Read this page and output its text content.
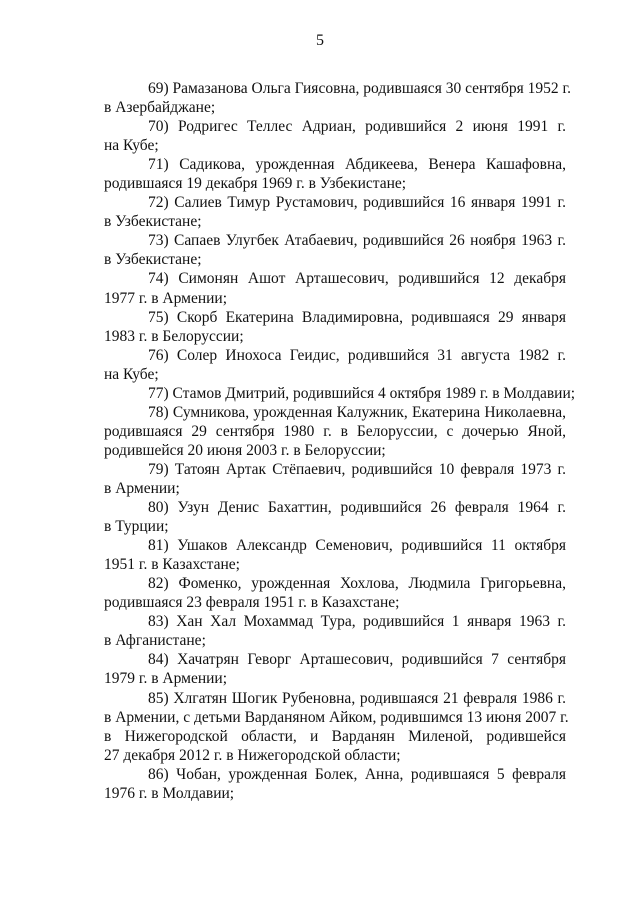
5
69) Рамазанова Ольга Гиясовна, родившаяся 30 сентября 1952 г.
в Азербайджане;
70) Родригес Теллес Адриан, родившийся 2 июня 1991 г.
на Кубе;
71) Садикова, урожденная Абдикеева, Венера Кашафовна,
родившаяся 19 декабря 1969 г. в Узбекистане;
72) Салиев Тимур Рустамович, родившийся 16 января 1991 г.
в Узбекистане;
73) Сапаев Улугбек Атабаевич, родившийся 26 ноября 1963 г.
в Узбекистане;
74) Симонян Ашот Арташесович, родившийся 12 декабря
1977 г. в Армении;
75) Скорб Екатерина Владимировна, родившаяся 29 января
1983 г. в Белоруссии;
76) Солер Инохоса Геидис, родившийся 31 августа 1982 г.
на Кубе;
77) Стамов Дмитрий, родившийся 4 октября 1989 г. в Молдавии;
78) Сумникова, урожденная Калужник, Екатерина Николаевна,
родившаяся 29 сентября 1980 г. в Белоруссии, с дочерью Яной,
родившейся 20 июня 2003 г. в Белоруссии;
79) Татоян Артак Стёпаевич, родившийся 10 февраля 1973 г.
в Армении;
80) Узун Денис Бахаттин, родившийся 26 февраля 1964 г.
в Турции;
81) Ушаков Александр Семенович, родившийся 11 октября
1951 г. в Казахстане;
82) Фоменко, урожденная Хохлова, Людмила Григорьевна,
родившаяся 23 февраля 1951 г. в Казахстане;
83) Хан Хал Мохаммад Тура, родившийся 1 января 1963 г.
в Афганистане;
84) Хачатрян Геворг Арташесович, родившийся 7 сентября
1979 г. в Армении;
85) Хлгатян Шогик Рубеновна, родившаяся 21 февраля 1986 г.
в Армении, с детьми Варданяном Айком, родившимся 13 июня 2007 г.
в Нижегородской области, и Варданян Миленой, родившейся
27 декабря 2012 г. в Нижегородской области;
86) Чобан, урожденная Болек, Анна, родившаяся 5 февраля
1976 г. в Молдавии;
